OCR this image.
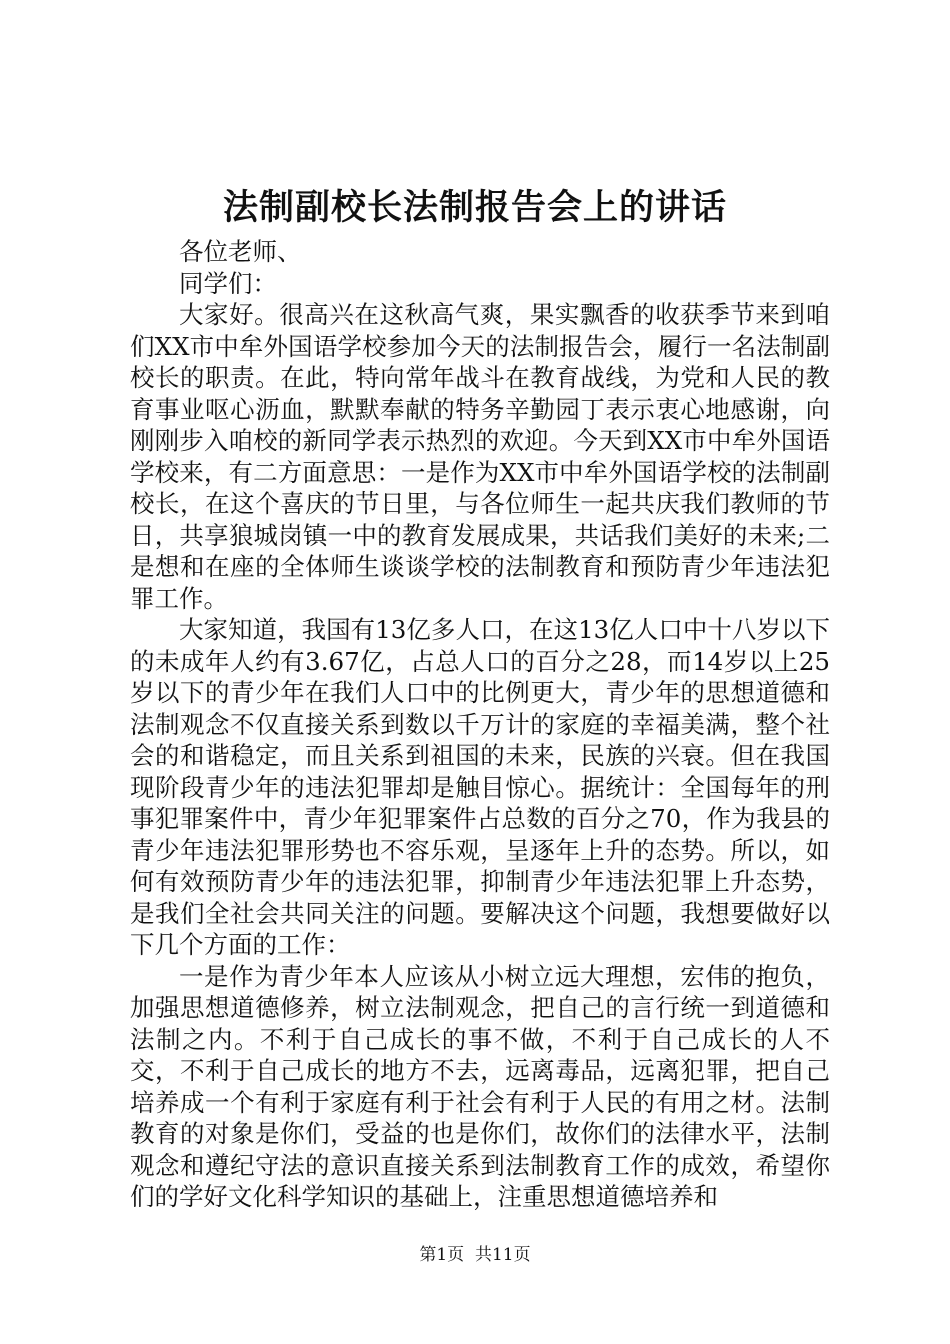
法制副校长法制报告会上的讲话

各位老师、

同学们：

大家好。很高兴在这秋高气爽，果实飘香的收获季节来到咱们XX市中牟外国语学校参加今天的法制报告会，履行一名法制副校长的职责。在此，特向常年战斗在教育战线，为党和人民的教育事业呕心沥血，默默奉献的特务辛勤园丁表示衷心地感谢，向刚刚步入咱校的新同学表示热烈的欢迎。今天到XX市中牟外国语学校来，有二方面意思：一是作为XX市中牟外国语学校的法制副校长，在这个喜庆的节日里，与各位师生一起共庆我们教师的节日，共享狼城岗镇一中的教育发展成果，共话我们美好的未来;二是想和在座的全体师生谈谈学校的法制教育和预防青少年违法犯罪工作。

大家知道，我国有13亿多人口，在这13亿人口中十八岁以下的未成年人约有3.67亿，占总人口的百分之28，而14岁以上25岁以下的青少年在我们人口中的比例更大，青少年的思想道德和法制观念不仅直接关系到数以千万计的家庭的幸福美满，整个社会的和谐稳定，而且关系到祖国的未来，民族的兴衰。但在我国现阶段青少年的违法犯罪却是触目惊心。据统计：全国每年的刑事犯罪案件中，青少年犯罪案件占总数的百分之70，作为我县的青少年违法犯罪形势也不容乐观，呈逐年上升的态势。所以，如何有效预防青少年的违法犯罪，抑制青少年违法犯罪上升态势，是我们全社会共同关注的问题。要解决这个问题，我想要做好以下几个方面的工作：

一是作为青少年本人应该从小树立远大理想，宏伟的抱负，加强思想道德修养，树立法制观念，把自己的言行统一到道德和法制之内。不利于自己成长的事不做，不利于自己成长的人不交，不利于自己成长的地方不去，远离毒品，远离犯罪，把自己培养成一个有利于家庭有利于社会有利于人民的有用之材。法制教育的对象是你们，受益的也是你们，故你们的法律水平，法制观念和遵纪守法的意识直接关系到法制教育工作的成效，希望你们的学好文化科学知识的基础上，注重思想道德培养和

第1页  共11页
